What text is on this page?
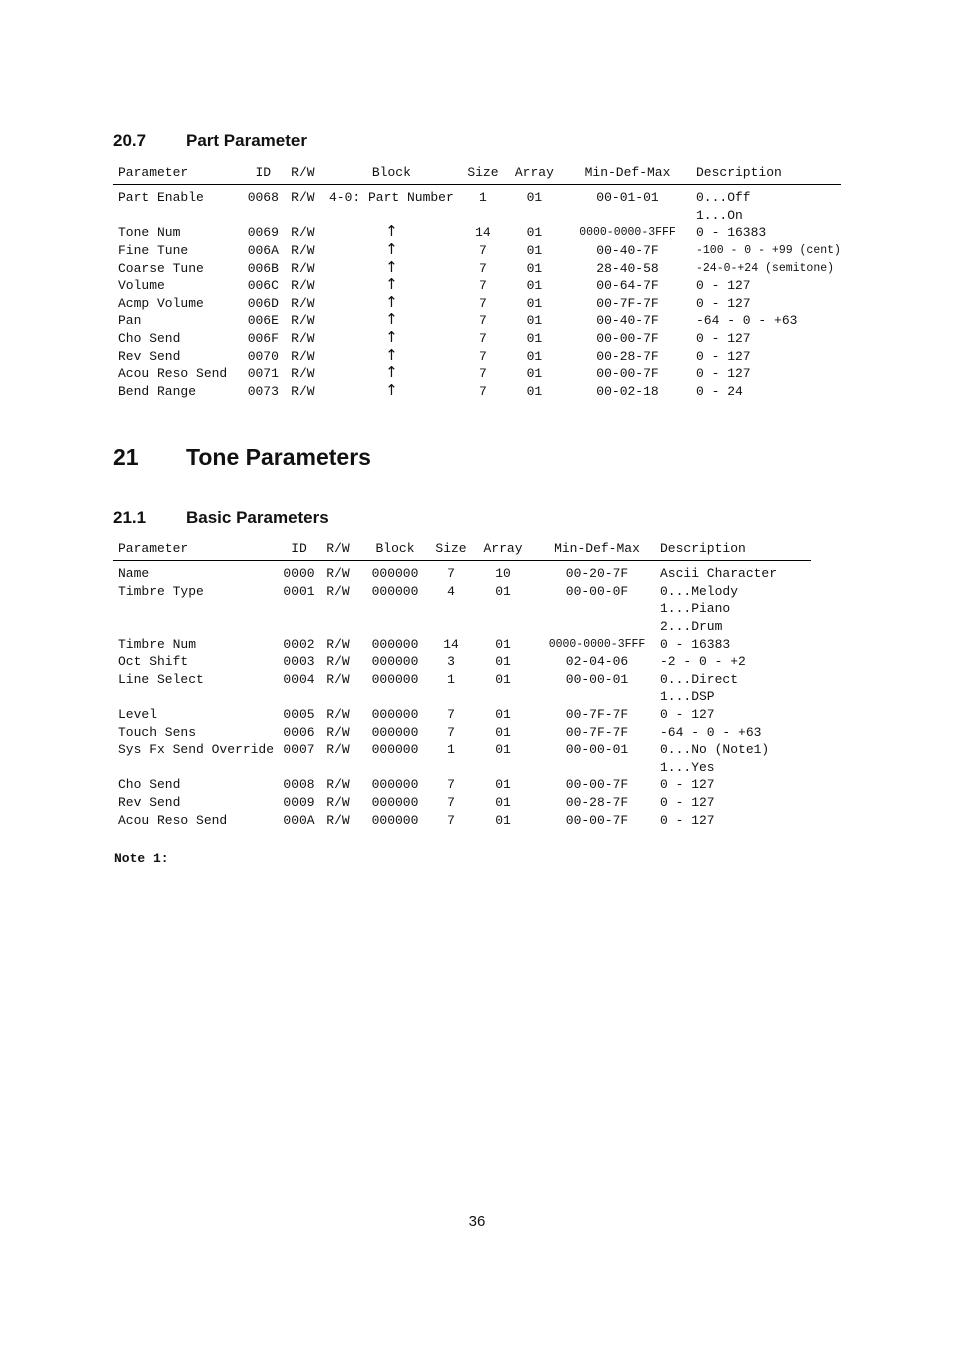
20.7 Part Parameter
Parameter	ID	R/W	Block	Size	Array	Min-Def-Max	Description
Part Enable	0068	R/W	4-0: Part Number	1	01	00-01-01	0...Off
							1...On
Tone Num	0069	R/W	↑	14	01	0000-0000-3FFF	0 - 16383
Fine Tune	006A	R/W	↑	7	01	00-40-7F	-100 - 0 - +99 (cent)
Coarse Tune	006B	R/W	↑	7	01	28-40-58	-24-0-+24 (semitone)
Volume	006C	R/W	↑	7	01	00-64-7F	0 - 127
Acmp Volume	006D	R/W	↑	7	01	00-7F-7F	0 - 127
Pan	006E	R/W	↑	7	01	00-40-7F	-64 - 0 - +63
Cho Send	006F	R/W	↑	7	01	00-00-7F	0 - 127
Rev Send	0070	R/W	↑	7	01	00-28-7F	0 - 127
Acou Reso Send	0071	R/W	↑	7	01	00-00-7F	0 - 127
Bend Range	0073	R/W	↑	7	01	00-02-18	0 - 24
21 Tone Parameters
21.1 Basic Parameters
Parameter	ID	R/W	Block	Size	Array	Min-Def-Max	Description
Name	0000	R/W	000000	7	10	00-20-7F	Ascii Character
Timbre Type	0001	R/W	000000	4	01	00-00-0F	0...Melody
							1...Piano
							2...Drum
Timbre Num	0002	R/W	000000	14	01	0000-0000-3FFF	0 - 16383
Oct Shift	0003	R/W	000000	3	01	02-04-06	-2 - 0 - +2
Line Select	0004	R/W	000000	1	01	00-00-01	0...Direct
							1...DSP
Level	0005	R/W	000000	7	01	00-7F-7F	0 - 127
Touch Sens	0006	R/W	000000	7	01	00-7F-7F	-64 - 0 - +63
Sys Fx Send Override	0007	R/W	000000	1	01	00-00-01	0...No (Note1)
							1...Yes
Cho Send	0008	R/W	000000	7	01	00-00-7F	0 - 127
Rev Send	0009	R/W	000000	7	01	00-28-7F	0 - 127
Acou Reso Send	000A	R/W	000000	7	01	00-00-7F	0 - 127

Note 1:

36
